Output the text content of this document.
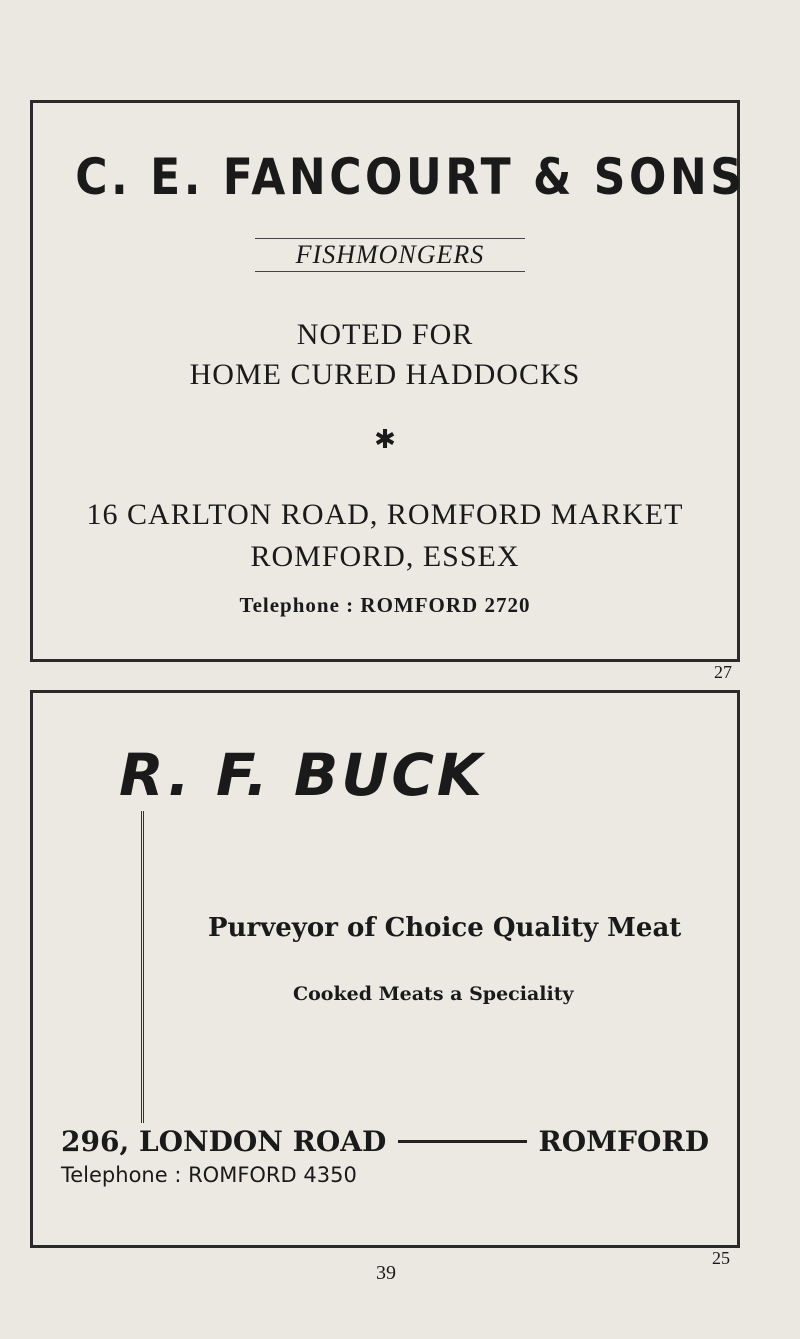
C. E. FANCOURT & SONS
FISHMONGERS
NOTED FOR
HOME CURED HADDOCKS
✱
16 CARLTON ROAD, ROMFORD MARKET
ROMFORD, ESSEX
Telephone : ROMFORD 2720
27
R. F. BUCK
Purveyor of Choice Quality Meat
Cooked Meats a Speciality
296, LONDON ROAD	ROMFORD
Telephone : ROMFORD 4350
25
39
